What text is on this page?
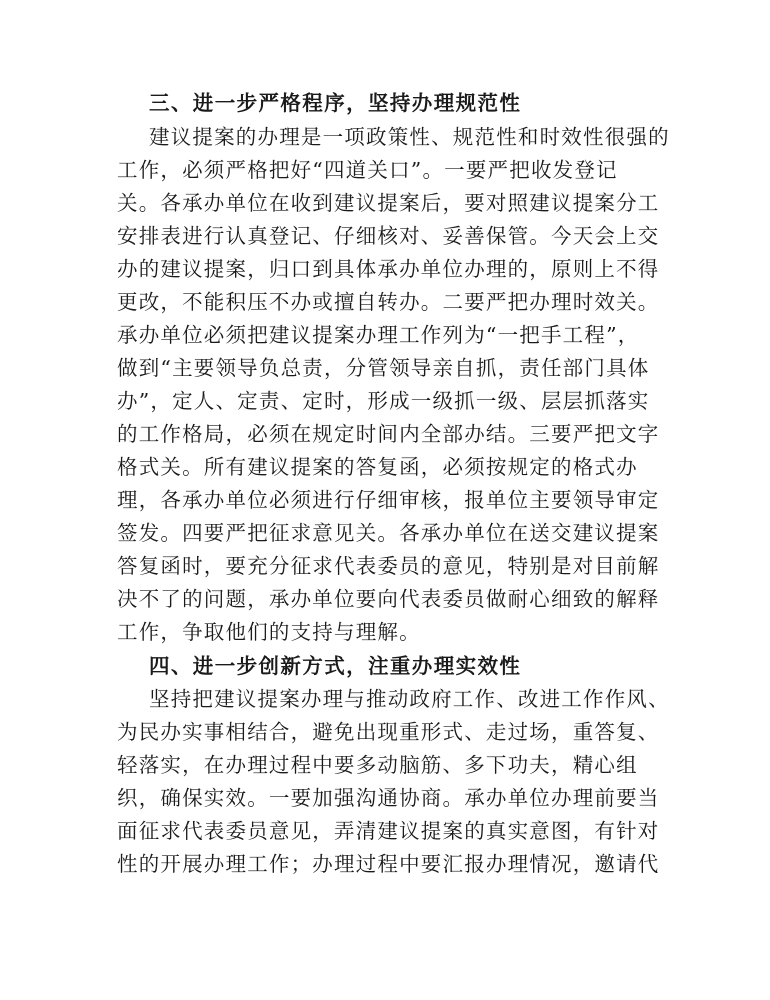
三、进一步严格程序，坚持办理规范性
建议提案的办理是一项政策性、规范性和时效性很强的
工作，必须严格把好“四道关口”。一要严把收发登记
关。各承办单位在收到建议提案后，要对照建议提案分工
安排表进行认真登记、仔细核对、妥善保管。今天会上交
办的建议提案，归口到具体承办单位办理的，原则上不得
更改，不能积压不办或擅自转办。二要严把办理时效关。
承办单位必须把建议提案办理工作列为“一把手工程”，
做到“主要领导负总责，分管领导亲自抓，责任部门具体
办”，定人、定责、定时，形成一级抓一级、层层抓落实
的工作格局，必须在规定时间内全部办结。三要严把文字
格式关。所有建议提案的答复函，必须按规定的格式办
理，各承办单位必须进行仔细审核，报单位主要领导审定
签发。四要严把征求意见关。各承办单位在送交建议提案
答复函时，要充分征求代表委员的意见，特别是对目前解
决不了的问题，承办单位要向代表委员做耐心细致的解释
工作，争取他们的支持与理解。
四、进一步创新方式，注重办理实效性
坚持把建议提案办理与推动政府工作、改进工作作风、
为民办实事相结合，避免出现重形式、走过场，重答复、
轻落实，在办理过程中要多动脑筋、多下功夫，精心组
织，确保实效。一要加强沟通协商。承办单位办理前要当
面征求代表委员意见，弄清建议提案的真实意图，有针对
性的开展办理工作；办理过程中要汇报办理情况，邀请代
